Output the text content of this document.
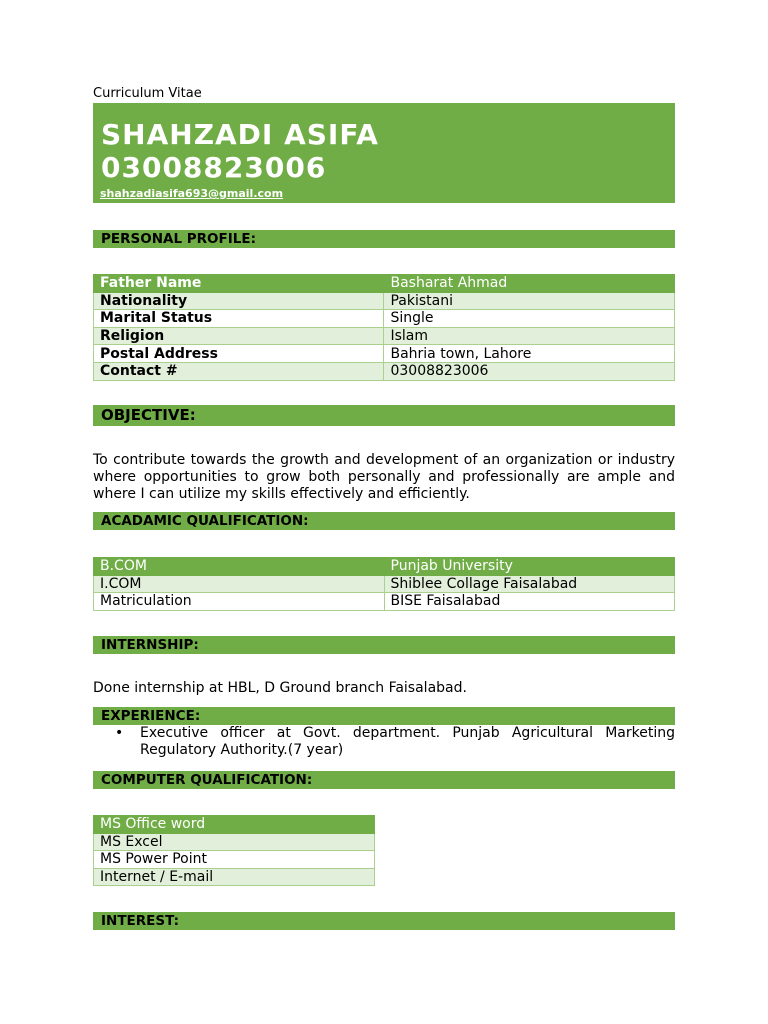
Curriculum Vitae
SHAHZADI ASIFA
03008823006
shahzadiasifa693@gmail.com
PERSONAL PROFILE:
Father Name	Basharat Ahmad
Nationality	Pakistani
Marital Status	Single
Religion	Islam
Postal Address	Bahria town, Lahore
Contact #	03008823006
OBJECTIVE:
To contribute towards the growth and development of an organization or industry where opportunities to grow both personally and professionally are ample and where I can utilize my skills effectively and efficiently.
ACADAMIC QUALIFICATION:
B.COM	Punjab University
I.COM	Shiblee Collage Faisalabad
Matriculation	BISE Faisalabad
INTERNSHIP:
Done internship at HBL, D Ground branch Faisalabad.
EXPERIENCE:
• Executive officer at Govt. department. Punjab Agricultural Marketing Regulatory Authority.(7 year)
COMPUTER QUALIFICATION:
MS Office word
MS Excel
MS Power Point
Internet / E-mail
INTEREST:
